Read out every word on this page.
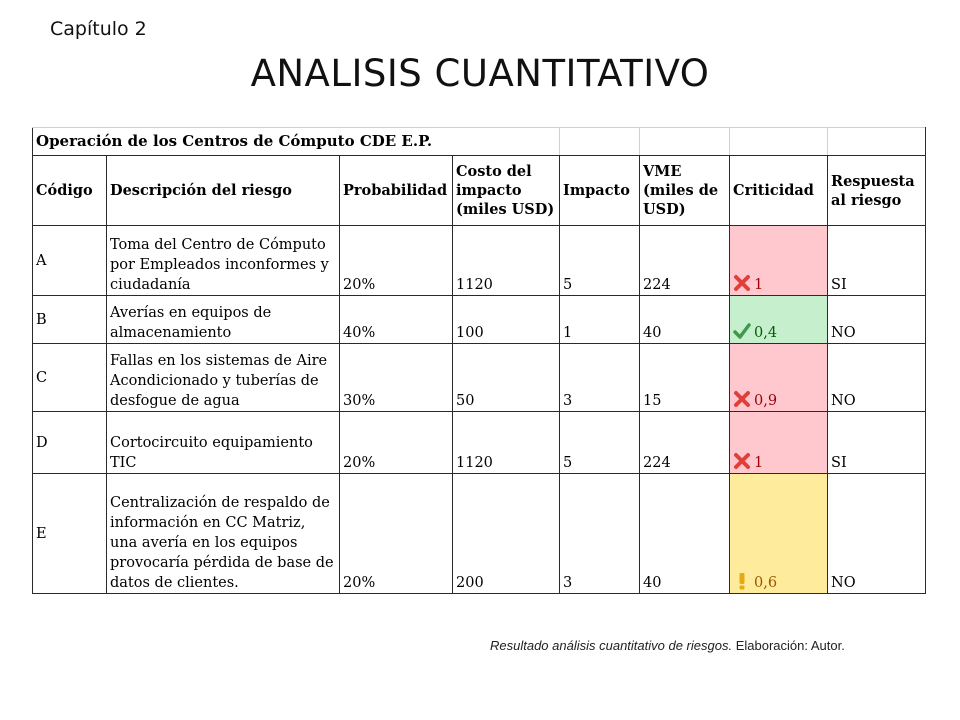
Capítulo 2
ANALISIS CUANTITATIVO
Operación de los Centros de Cómputo CDE E.P.							
Código	Descripción del riesgo	Probabilidad	Costo del impacto (miles USD)	Impacto	VME (miles de USD)	Criticidad	Respuesta al riesgo
A	Toma del Centro de Cómputo por Empleados inconformes y ciudadanía	20%	1120	5	224	1	SI
B	Averías en equipos de almacenamiento	40%	100	1	40	0,4	NO
C	Fallas en los sistemas de Aire Acondicionado y tuberías de desfogue de agua	30%	50	3	15	0,9	NO
D	Cortocircuito equipamiento TIC	20%	1120	5	224	1	SI
E	Centralización de respaldo de información en CC Matriz, una avería en los equipos provocaría pérdida de base de datos de clientes.	20%	200	3	40	0,6	NO
Resultado análisis cuantitativo de riesgos. Elaboración: Autor.
